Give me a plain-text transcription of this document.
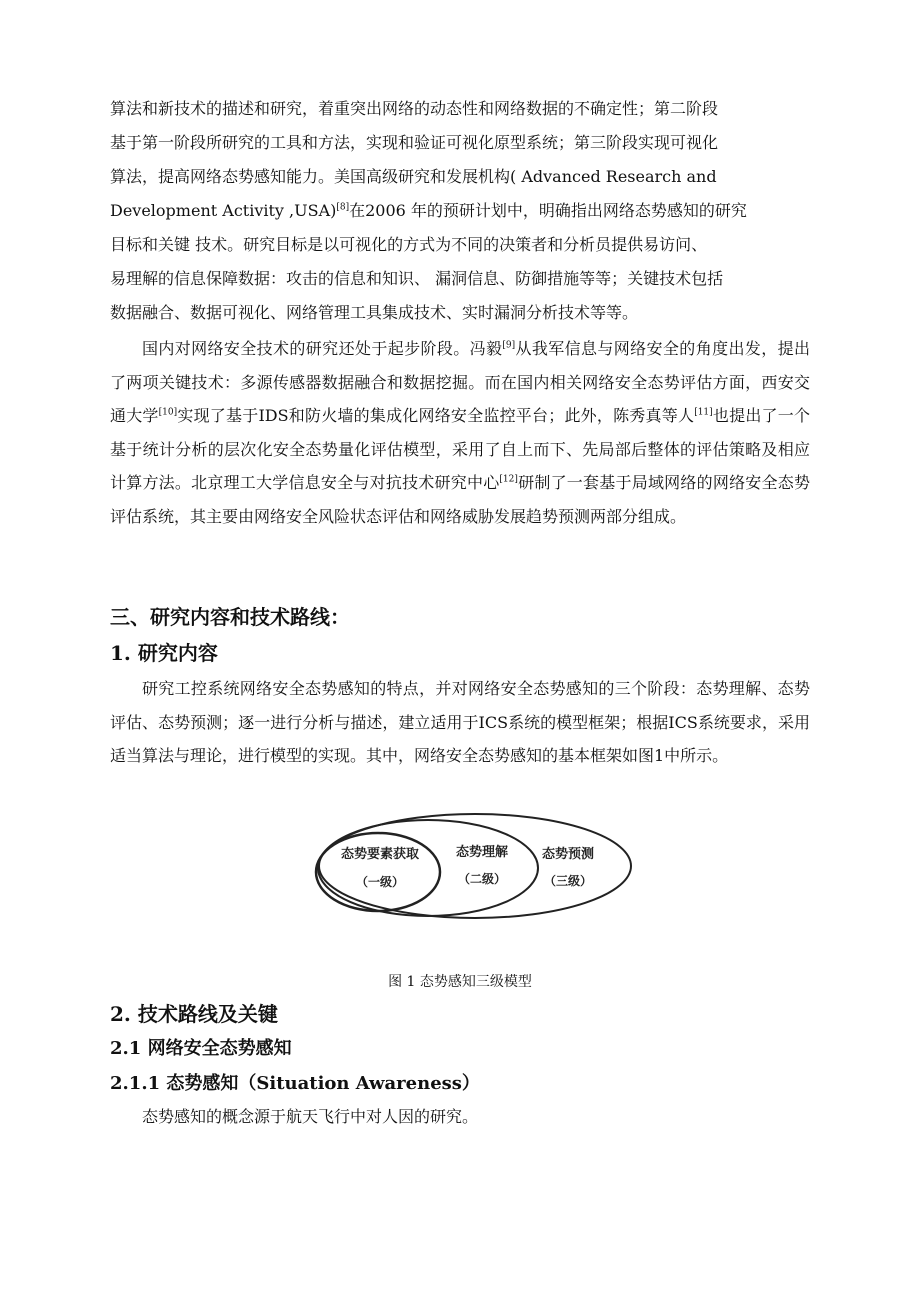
算法和新技术的描述和研究，着重突出网络的动态性和网络数据的不确定性；第二阶段

基于第一阶段所研究的工具和方法，实现和验证可视化原型系统；第三阶段实现可视化

算法，提高网络态势感知能力。美国高级研究和发展机构( Advanced Research and

Development Activity ,USA)[8]在2006 年的预研计划中，明确指出网络态势感知的研究

目标和关键 技术。研究目标是以可视化的方式为不同的决策者和分析员提供易访问、

易理解的信息保障数据：攻击的信息和知识、 漏洞信息、防御措施等等；关键技术包括

数据融合、数据可视化、网络管理工具集成技术、实时漏洞分析技术等等。

国内对网络安全技术的研究还处于起步阶段。冯毅[9]从我军信息与网络安全的角度出发，提出了两项关键技术：多源传感器数据融合和数据挖掘。而在国内相关网络安全态势评估方面，西安交通大学[10]实现了基于IDS和防火墙的集成化网络安全监控平台；此外，陈秀真等人[11]也提出了一个基于统计分析的层次化安全态势量化评估模型，采用了自上而下、先局部后整体的评估策略及相应计算方法。北京理工大学信息安全与对抗技术研究中心[12]研制了一套基于局域网络的网络安全态势评估系统，其主要由网络安全风险状态评估和网络威胁发展趋势预测两部分组成。

三、研究内容和技术路线：
1. 研究内容

研究工控系统网络安全态势感知的特点，并对网络安全态势感知的三个阶段：态势理解、态势评估、态势预测；逐一进行分析与描述，建立适用于ICS系统的模型框架；根据ICS系统要求，采用适当算法与理论，进行模型的实现。其中，网络安全态势感知的基本框架如图1中所示。

态势要素获取
（一级）
态势理解
（二级）
态势预测
（三级）

图 1 态势感知三级模型

2. 技术路线及关键
2.1 网络安全态势感知
2.1.1 态势感知（Situation Awareness）

态势感知的概念源于航天飞行中对人因的研究。
